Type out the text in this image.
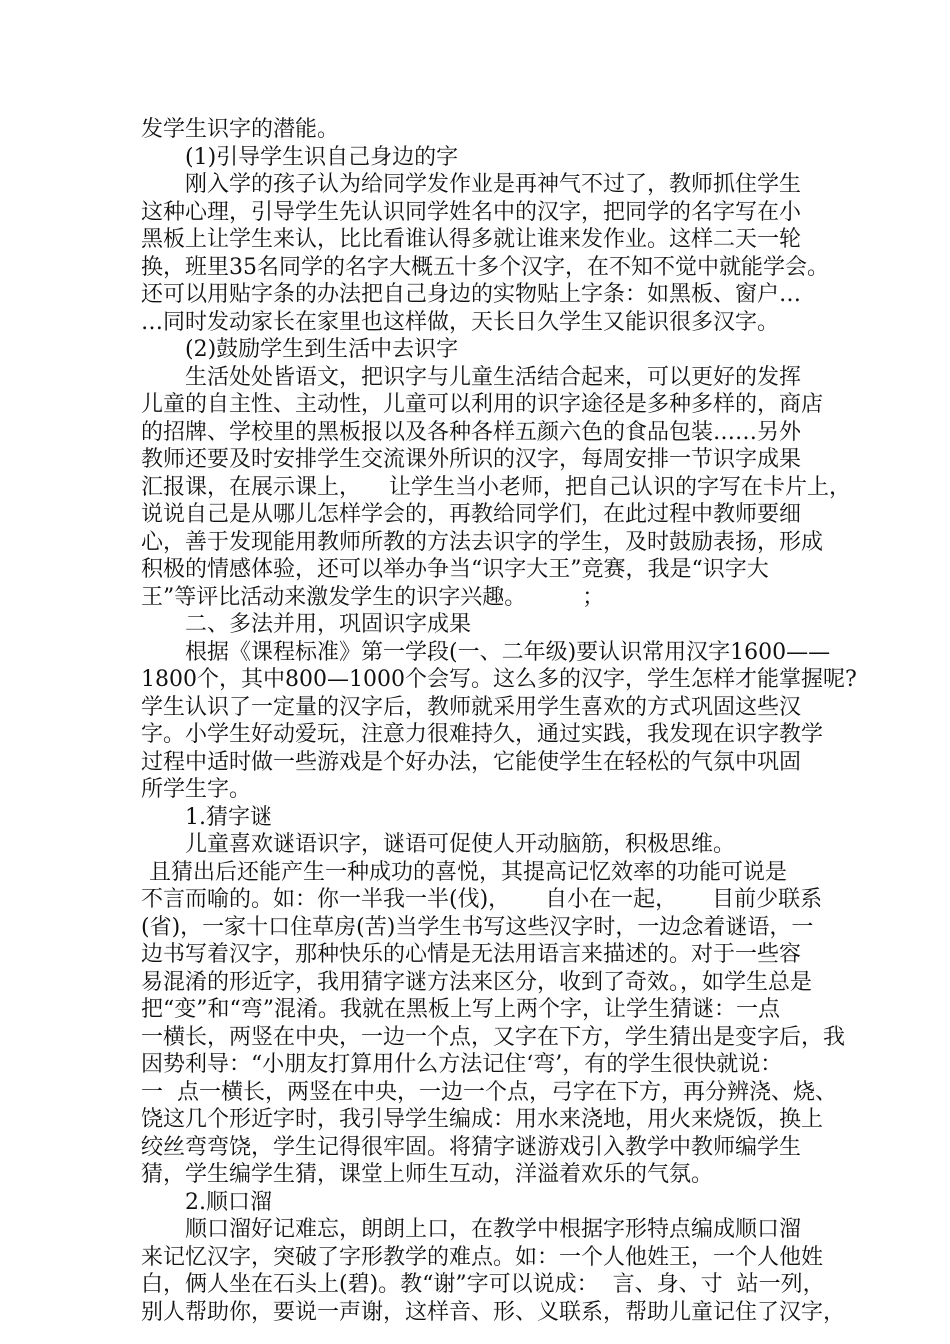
发学生识字的潜能。
(1)引导学生识自己身边的字
刚入学的孩子认为给同学发作业是再神气不过了，教师抓住学生
这种心理，引导学生先认识同学姓名中的汉字，把同学的名字写在小
黑板上让学生来认，比比看谁认得多就让谁来发作业。这样二天一轮
换，班里35名同学的名字大概五十多个汉字，在不知不觉中就能学会。
还可以用贴字条的办法把自己身边的实物贴上字条：如黑板、窗户…
…同时发动家长在家里也这样做，天长日久学生又能识很多汉字。
(2)鼓励学生到生活中去识字
生活处处皆语文，把识字与儿童生活结合起来，可以更好的发挥
儿童的自主性、主动性，儿童可以利用的识字途径是多种多样的，商店
的招牌、学校里的黑板报以及各种各样五颜六色的食品包装……另外
教师还要及时安排学生交流课外所识的汉字，每周安排一节识字成果
汇报课，在展示课上，    让学生当小老师，把自己认识的字写在卡片上，
说说自己是从哪儿怎样学会的，再教给同学们，在此过程中教师要细
心，善于发现能用教师所教的方法去识字的学生，及时鼓励表扬，形成
积极的情感体验，还可以举办争当“识字大王”竞赛，我是“识字大
王”等评比活动来激发学生的识字兴趣。        ；
二、多法并用，巩固识字成果
根据《课程标准》第一学段(一、二年级)要认识常用汉字1600——
1800个，其中800—1000个会写。这么多的汉字，学生怎样才能掌握呢?
学生认识了一定量的汉字后，教师就采用学生喜欢的方式巩固这些汉
字。小学生好动爱玩，注意力很难持久，通过实践，我发现在识字教学
过程中适时做一些游戏是个好办法，它能使学生在轻松的气氛中巩固
所学生字。
1.猜字谜
儿童喜欢谜语识字，谜语可促使人开动脑筋，积极思维。
且猜出后还能产生一种成功的喜悦，其提高记忆效率的功能可说是
不言而喻的。如：你一半我一半(伐)，     自小在一起，     目前少联系
(省)，一家十口住草房(苦)当学生书写这些汉字时，一边念着谜语，一
边书写着汉字，那种快乐的心情是无法用语言来描述的。对于一些容
易混淆的形近字，我用猜字谜方法来区分，收到了奇效。，如学生总是
把“变”和“弯”混淆。我就在黑板上写上两个字，让学生猜谜：一点
一横长，两竖在中央，一边一个点，又字在下方，学生猜出是变字后，我
因势利导：“小朋友打算用什么方法记住‘弯’，有的学生很快就说：
一  点一横长，两竖在中央，一边一个点，弓字在下方，再分辨浇、烧、
饶这几个形近字时，我引导学生编成：用水来浇地，用火来烧饭，换上
绞丝弯弯饶，学生记得很牢固。将猜字谜游戏引入教学中教师编学生
猜，学生编学生猜，课堂上师生互动，洋溢着欢乐的气氛。
2.顺口溜
顺口溜好记难忘，朗朗上口，在教学中根据字形特点编成顺口溜
来记忆汉字，突破了字形教学的难点。如：一个人他姓王，一个人他姓
白，俩人坐在石头上(碧)。教“谢”字可以说成：  言、身、寸  站一列，
别人帮助你，要说一声谢，这样音、形、义联系，帮助儿童记住了汉字，
